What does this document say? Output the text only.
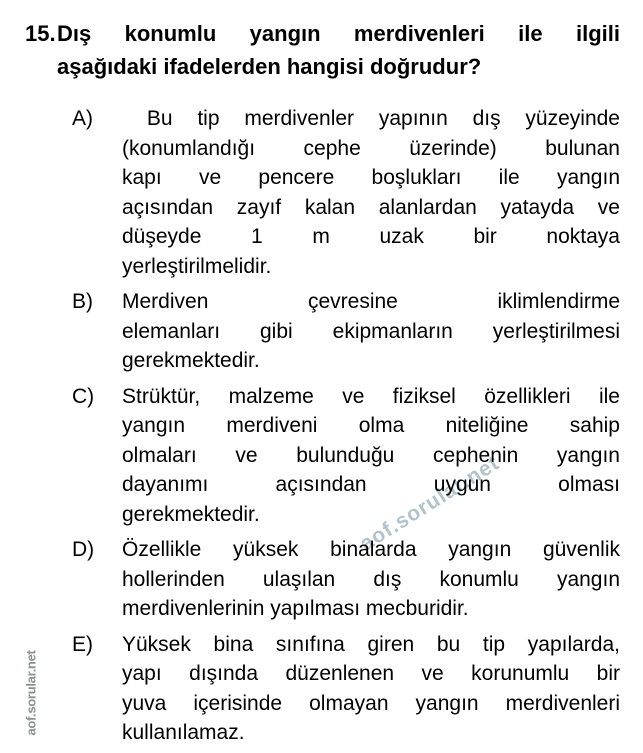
aof.sorular.net
aof.sorular.net
15. Dış konumlu yangın merdivenleri ile ilgili
aşağıdaki ifadelerden hangisi doğrudur?
A)	Bu tip merdivenler yapının dış yüzeyinde
(konumlandığı cephe üzerinde) bulunan
kapı ve pencere boşlukları ile yangın
açısından zayıf kalan alanlardan yatayda ve
düşeyde 1 m uzak bir noktaya
yerleştirilmelidir.
B)	Merdiven çevresine iklimlendirme
elemanları gibi ekipmanların yerleştirilmesi
gerekmektedir.
C)	Strüktür, malzeme ve fiziksel özellikleri ile
yangın merdiveni olma niteliğine sahip
olmaları ve bulunduğu cephenin yangın
dayanımı açısından uygun olması
gerekmektedir.
D)	Özellikle yüksek binalarda yangın güvenlik
hollerinden ulaşılan dış konumlu yangın
merdivenlerinin yapılması mecburidir.
E)	Yüksek bina sınıfına giren bu tip yapılarda,
yapı dışında düzenlenen ve korunumlu bir
yuva içerisinde olmayan yangın merdivenleri
kullanılamaz.
